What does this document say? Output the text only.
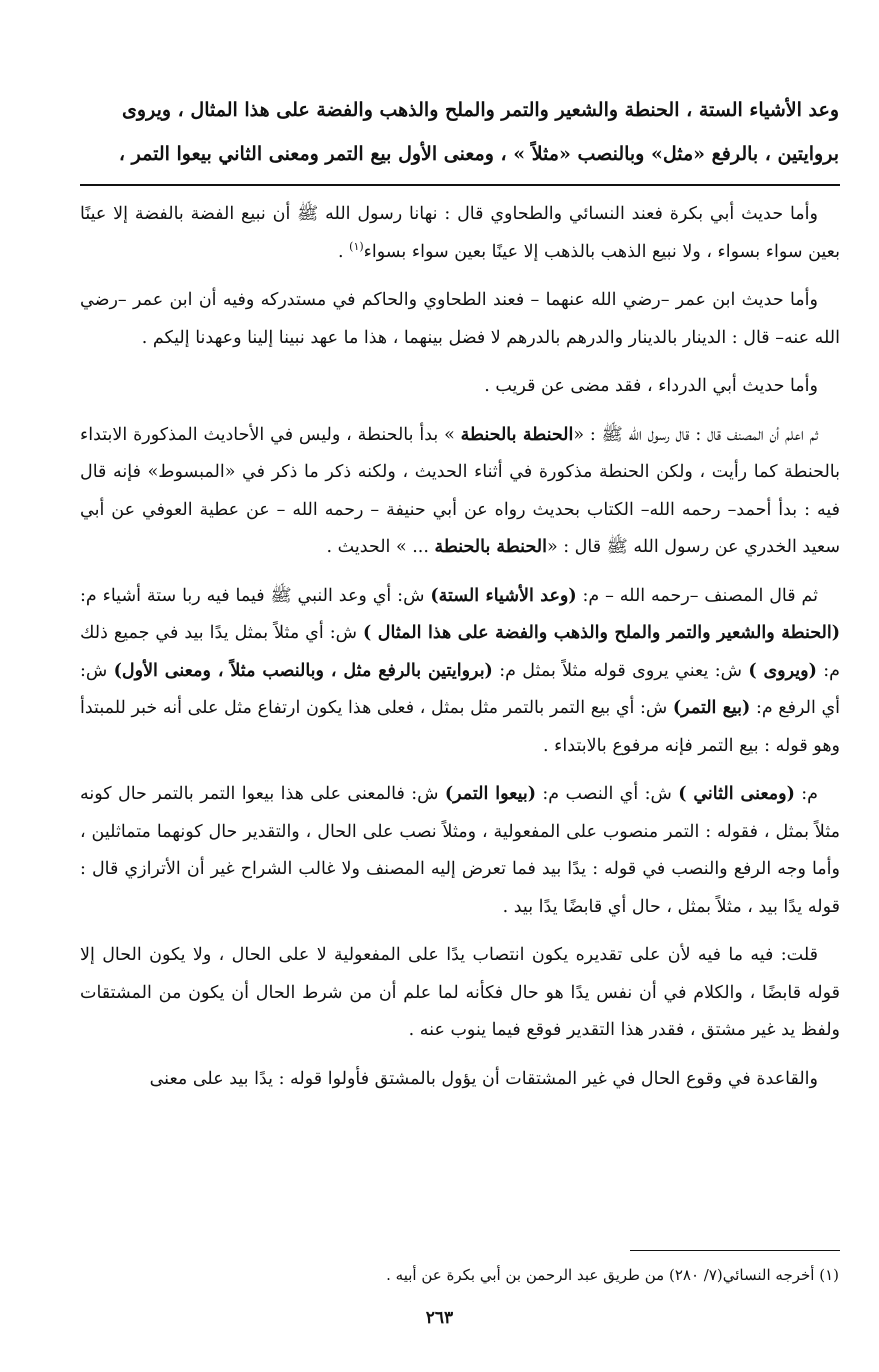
وعد الأشياء الستة ، الحنطة والشعير والتمر والملح والذهب والفضة على هذا المثال ، ويروى

بروايتين ، بالرفع «مثل» وبالنصب «مثلاً » ، ومعنى الأول بيع التمر ومعنى الثاني بيعوا التمر ،

وأما حديث أبي بكرة فعند النسائي والطحاوي قال : نهانا رسول الله ﷺ أن نبيع الفضة بالفضة إلا عينًا بعين سواء بسواء ، ولا نبيع الذهب بالذهب إلا عينًا بعين سواء بسواء$^{(١)}$ .

وأما حديث ابن عمر –رضي الله عنهما – فعند الطحاوي والحاكم في مستدركه وفيه أن ابن عمر –رضي الله عنه– قال : الدينار بالدينار والدرهم بالدرهم لا فضل بينهما ، هذا ما عهد نبينا إلينا وعهدنا إليكم .

وأما حديث أبي الدرداء ، فقد مضى عن قريب .

ثم اعلم أن المصنف قال : قال رسول الله ﷺ : «الحنطة بالحنطة » بدأ بالحنطة ، وليس في الأحاديث المذكورة الابتداء بالحنطة كما رأيت ، ولكن الحنطة مذكورة في أثناء الحديث ، ولكنه ذكر ما ذكر في «المبسوط» فإنه قال فيه : بدأ أحمد– رحمه الله– الكتاب بحديث رواه عن أبي حنيفة – رحمه الله – عن عطية العوفي عن أبي سعيد الخدري عن رسول الله ﷺ قال : «الحنطة بالحنطة ... » الحديث .

ثم قال المصنف –رحمه الله – م: (وعد الأشياء الستة) ش: أي وعد النبي ﷺ فيما فيه ربا ستة أشياء م: (الحنطة والشعير والتمر والملح والذهب والفضة على هذا المثال ) ش: أي مثلاً بمثل يدًا بيد في جميع ذلك م: (ويروى ) ش: يعني يروى قوله مثلاً بمثل م: (بروايتين بالرفع مثل ، وبالنصب مثلاً ، ومعنى الأول) ش: أي الرفع م: (بيع التمر) ش: أي بيع التمر بالتمر مثل بمثل ، فعلى هذا يكون ارتفاع مثل على أنه خبر للمبتدأ وهو قوله : بيع التمر فإنه مرفوع بالابتداء .

م: (ومعنى الثاني ) ش: أي النصب م: (بيعوا التمر) ش: فالمعنى على هذا بيعوا التمر بالتمر حال كونه مثلاً بمثل ، فقوله : التمر منصوب على المفعولية ، ومثلاً نصب على الحال ، والتقدير حال كونهما متماثلين ، وأما وجه الرفع والنصب في قوله : يدًا بيد فما تعرض إليه المصنف ولا غالب الشراح غير أن الأترازي قال : قوله يدًا بيد ، مثلاً بمثل ، حال أي قابضًا يدًا بيد .

قلت: فيه ما فيه لأن على تقديره يكون انتصاب يدًا على المفعولية لا على الحال ، ولا يكون الحال إلا قوله قابضًا ، والكلام في أن نفس يدًا هو حال فكأنه لما علم أن من شرط الحال أن يكون من المشتقات ولفظ يد غير مشتق ، فقدر هذا التقدير فوقع فيما ينوب عنه .

والقاعدة في وقوع الحال في غير المشتقات أن يؤول بالمشتق فأولوا قوله : يدًا بيد على معنى

(١) أخرجه النسائي(٧/ ٢٨٠) من طريق عبد الرحمن بن أبي بكرة عن أبيه .

٢٦٣
